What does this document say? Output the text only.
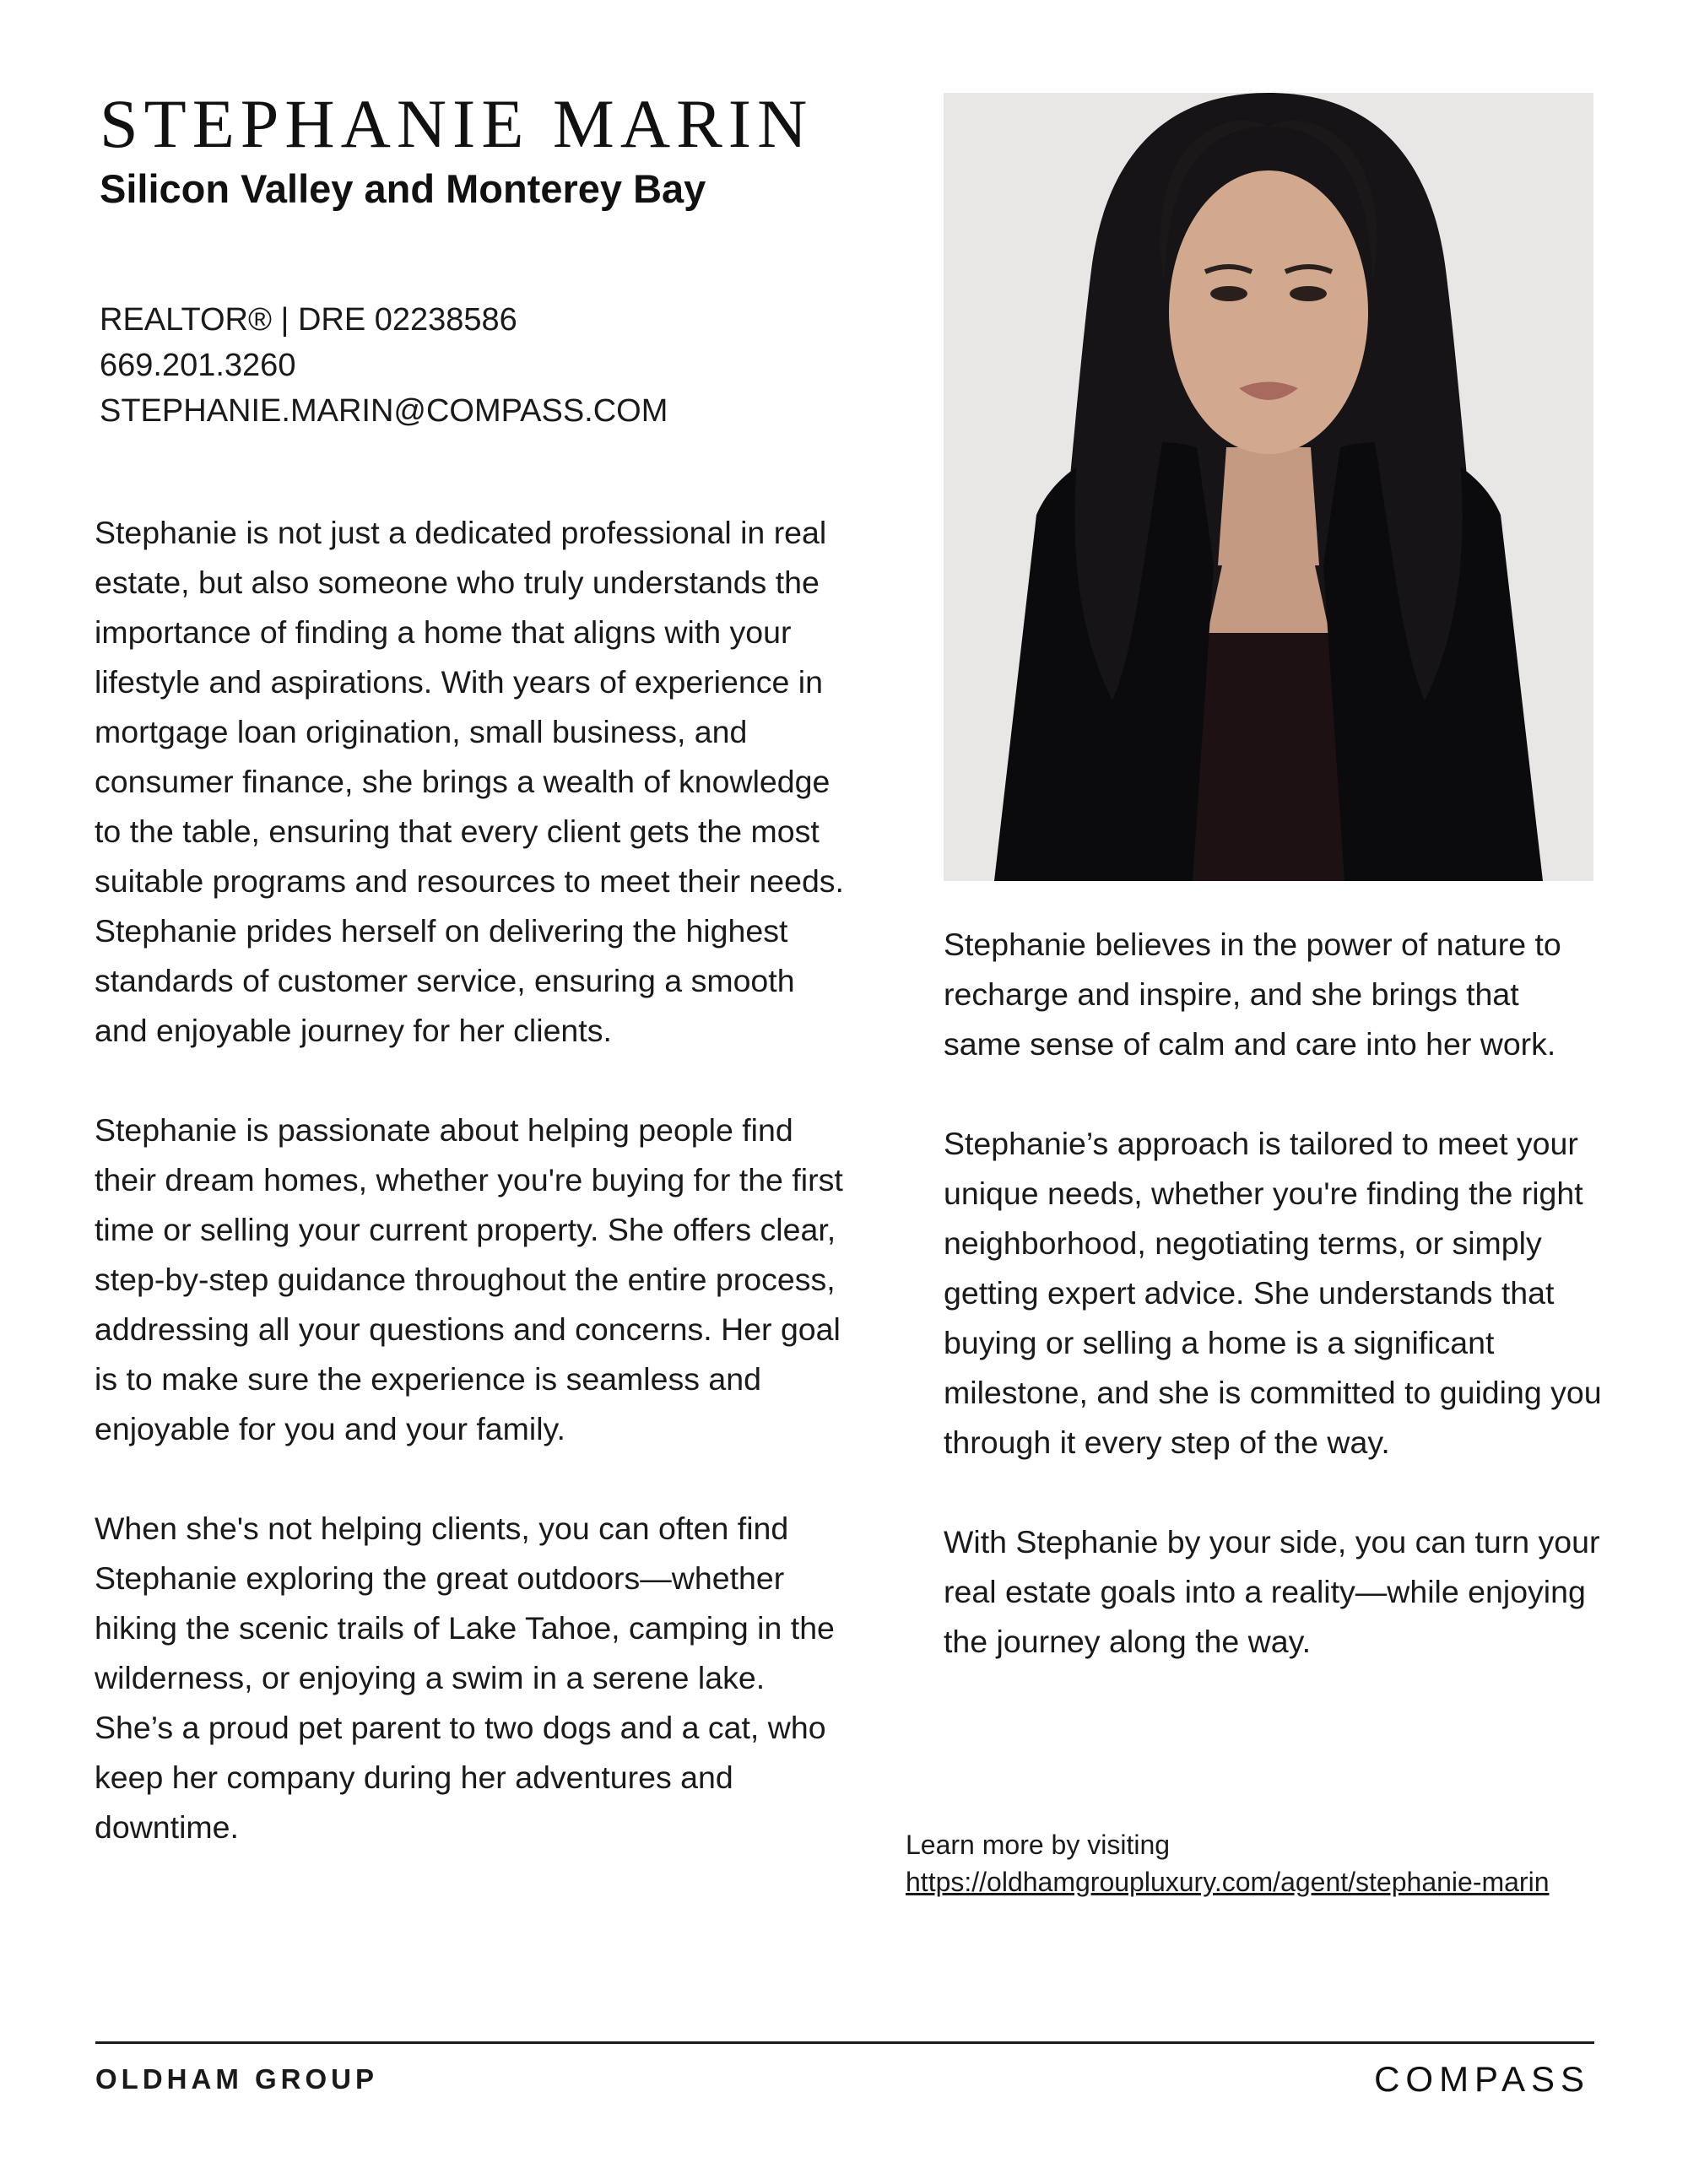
STEPHANIE MARIN
Silicon Valley and Monterey Bay
REALTOR® | DRE 02238586
669.201.3260
STEPHANIE.MARIN@COMPASS.COM

Stephanie is not just a dedicated professional in real estate, but also someone who truly understands the importance of finding a home that aligns with your lifestyle and aspirations. With years of experience in mortgage loan origination, small business, and consumer finance, she brings a wealth of knowledge to the table, ensuring that every client gets the most suitable programs and resources to meet their needs. Stephanie prides herself on delivering the highest standards of customer service, ensuring a smooth and enjoyable journey for her clients.

Stephanie is passionate about helping people find their dream homes, whether you're buying for the first time or selling your current property. She offers clear, step-by-step guidance throughout the entire process, addressing all your questions and concerns. Her goal is to make sure the experience is seamless and enjoyable for you and your family.

When she's not helping clients, you can often find Stephanie exploring the great outdoors—whether hiking the scenic trails of Lake Tahoe, camping in the wilderness, or enjoying a swim in a serene lake. She’s a proud pet parent to two dogs and a cat, who keep her company during her adventures and downtime.

Stephanie believes in the power of nature to recharge and inspire, and she brings that same sense of calm and care into her work.

Stephanie’s approach is tailored to meet your unique needs, whether you're finding the right neighborhood, negotiating terms, or simply getting expert advice. She understands that buying or selling a home is a significant milestone, and she is committed to guiding you through it every step of the way.

With Stephanie by your side, you can turn your real estate goals into a reality—while enjoying the journey along the way.

Learn more by visiting
https://oldhamgroupluxury.com/agent/stephanie-marin
OLDHAM GROUP	COMPASS
